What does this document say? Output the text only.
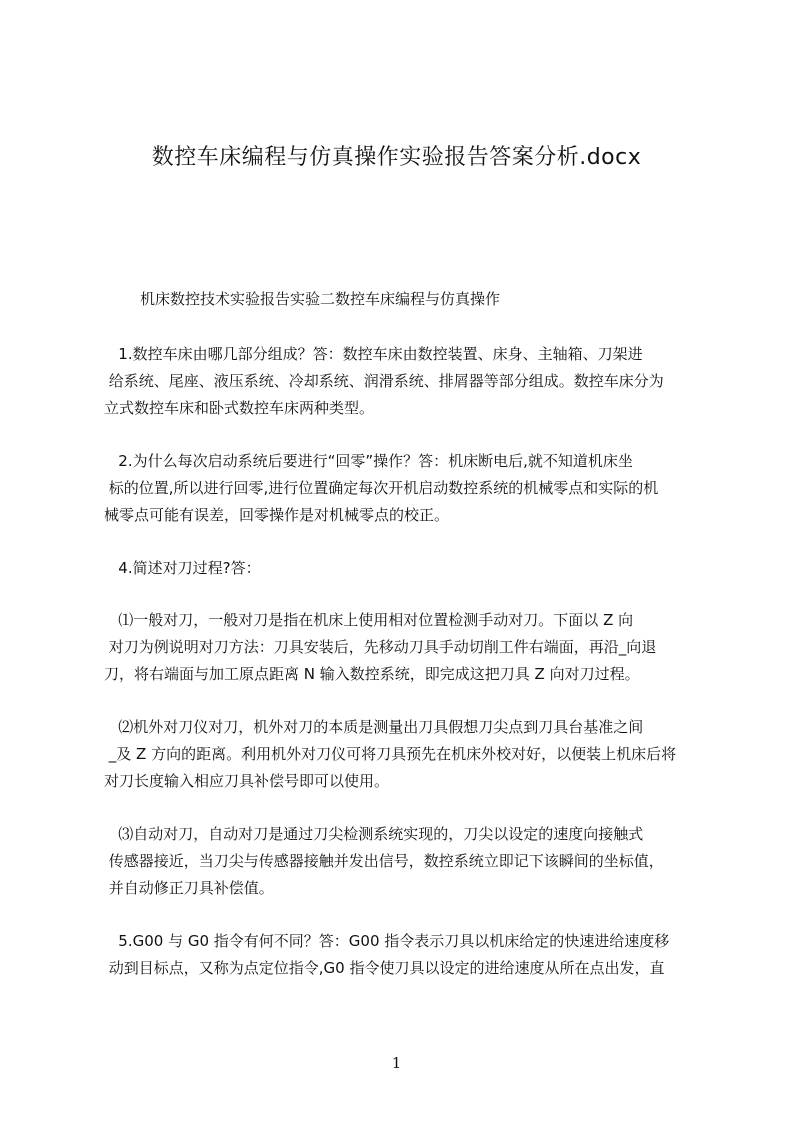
数控车床编程与仿真操作实验报告答案分析.docx

机床数控技术实验报告实验二数控车床编程与仿真操作

1.数控车床由哪几部分组成？答：数控车床由数控装置、床身、主轴箱、刀架进
给系统、尾座、液压系统、冷却系统、润滑系统、排屑器等部分组成。数控车床分为
立式数控车床和卧式数控车床两种类型。
2.为什么每次启动系统后要进行“回零”操作？答：机床断电后,就不知道机床坐
标的位置,所以进行回零,进行位置确定每次开机启动数控系统的机械零点和实际的机
械零点可能有误差，回零操作是对机械零点的校正。
4.简述对刀过程?答：
⑴一般对刀，一般对刀是指在机床上使用相对位置检测手动对刀。下面以 Z 向
对刀为例说明对刀方法：刀具安装后，先移动刀具手动切削工件右端面，再沿_向退
刀，将右端面与加工原点距离 N 输入数控系统，即完成这把刀具 Z 向对刀过程。
⑵机外对刀仪对刀，机外对刀的本质是测量出刀具假想刀尖点到刀具台基准之间
_及 Z 方向的距离。利用机外对刀仪可将刀具预先在机床外校对好，以便装上机床后将
对刀长度输入相应刀具补偿号即可以使用。
⑶自动对刀，自动对刀是通过刀尖检测系统实现的，刀尖以设定的速度向接触式
传感器接近，当刀尖与传感器接触并发出信号，数控系统立即记下该瞬间的坐标值，
并自动修正刀具补偿值。
5.G00 与 G0 指令有何不同？答：G00 指令表示刀具以机床给定的快速进给速度移
动到目标点，又称为点定位指令,G0 指令使刀具以设定的进给速度从所在点出发，直
1
